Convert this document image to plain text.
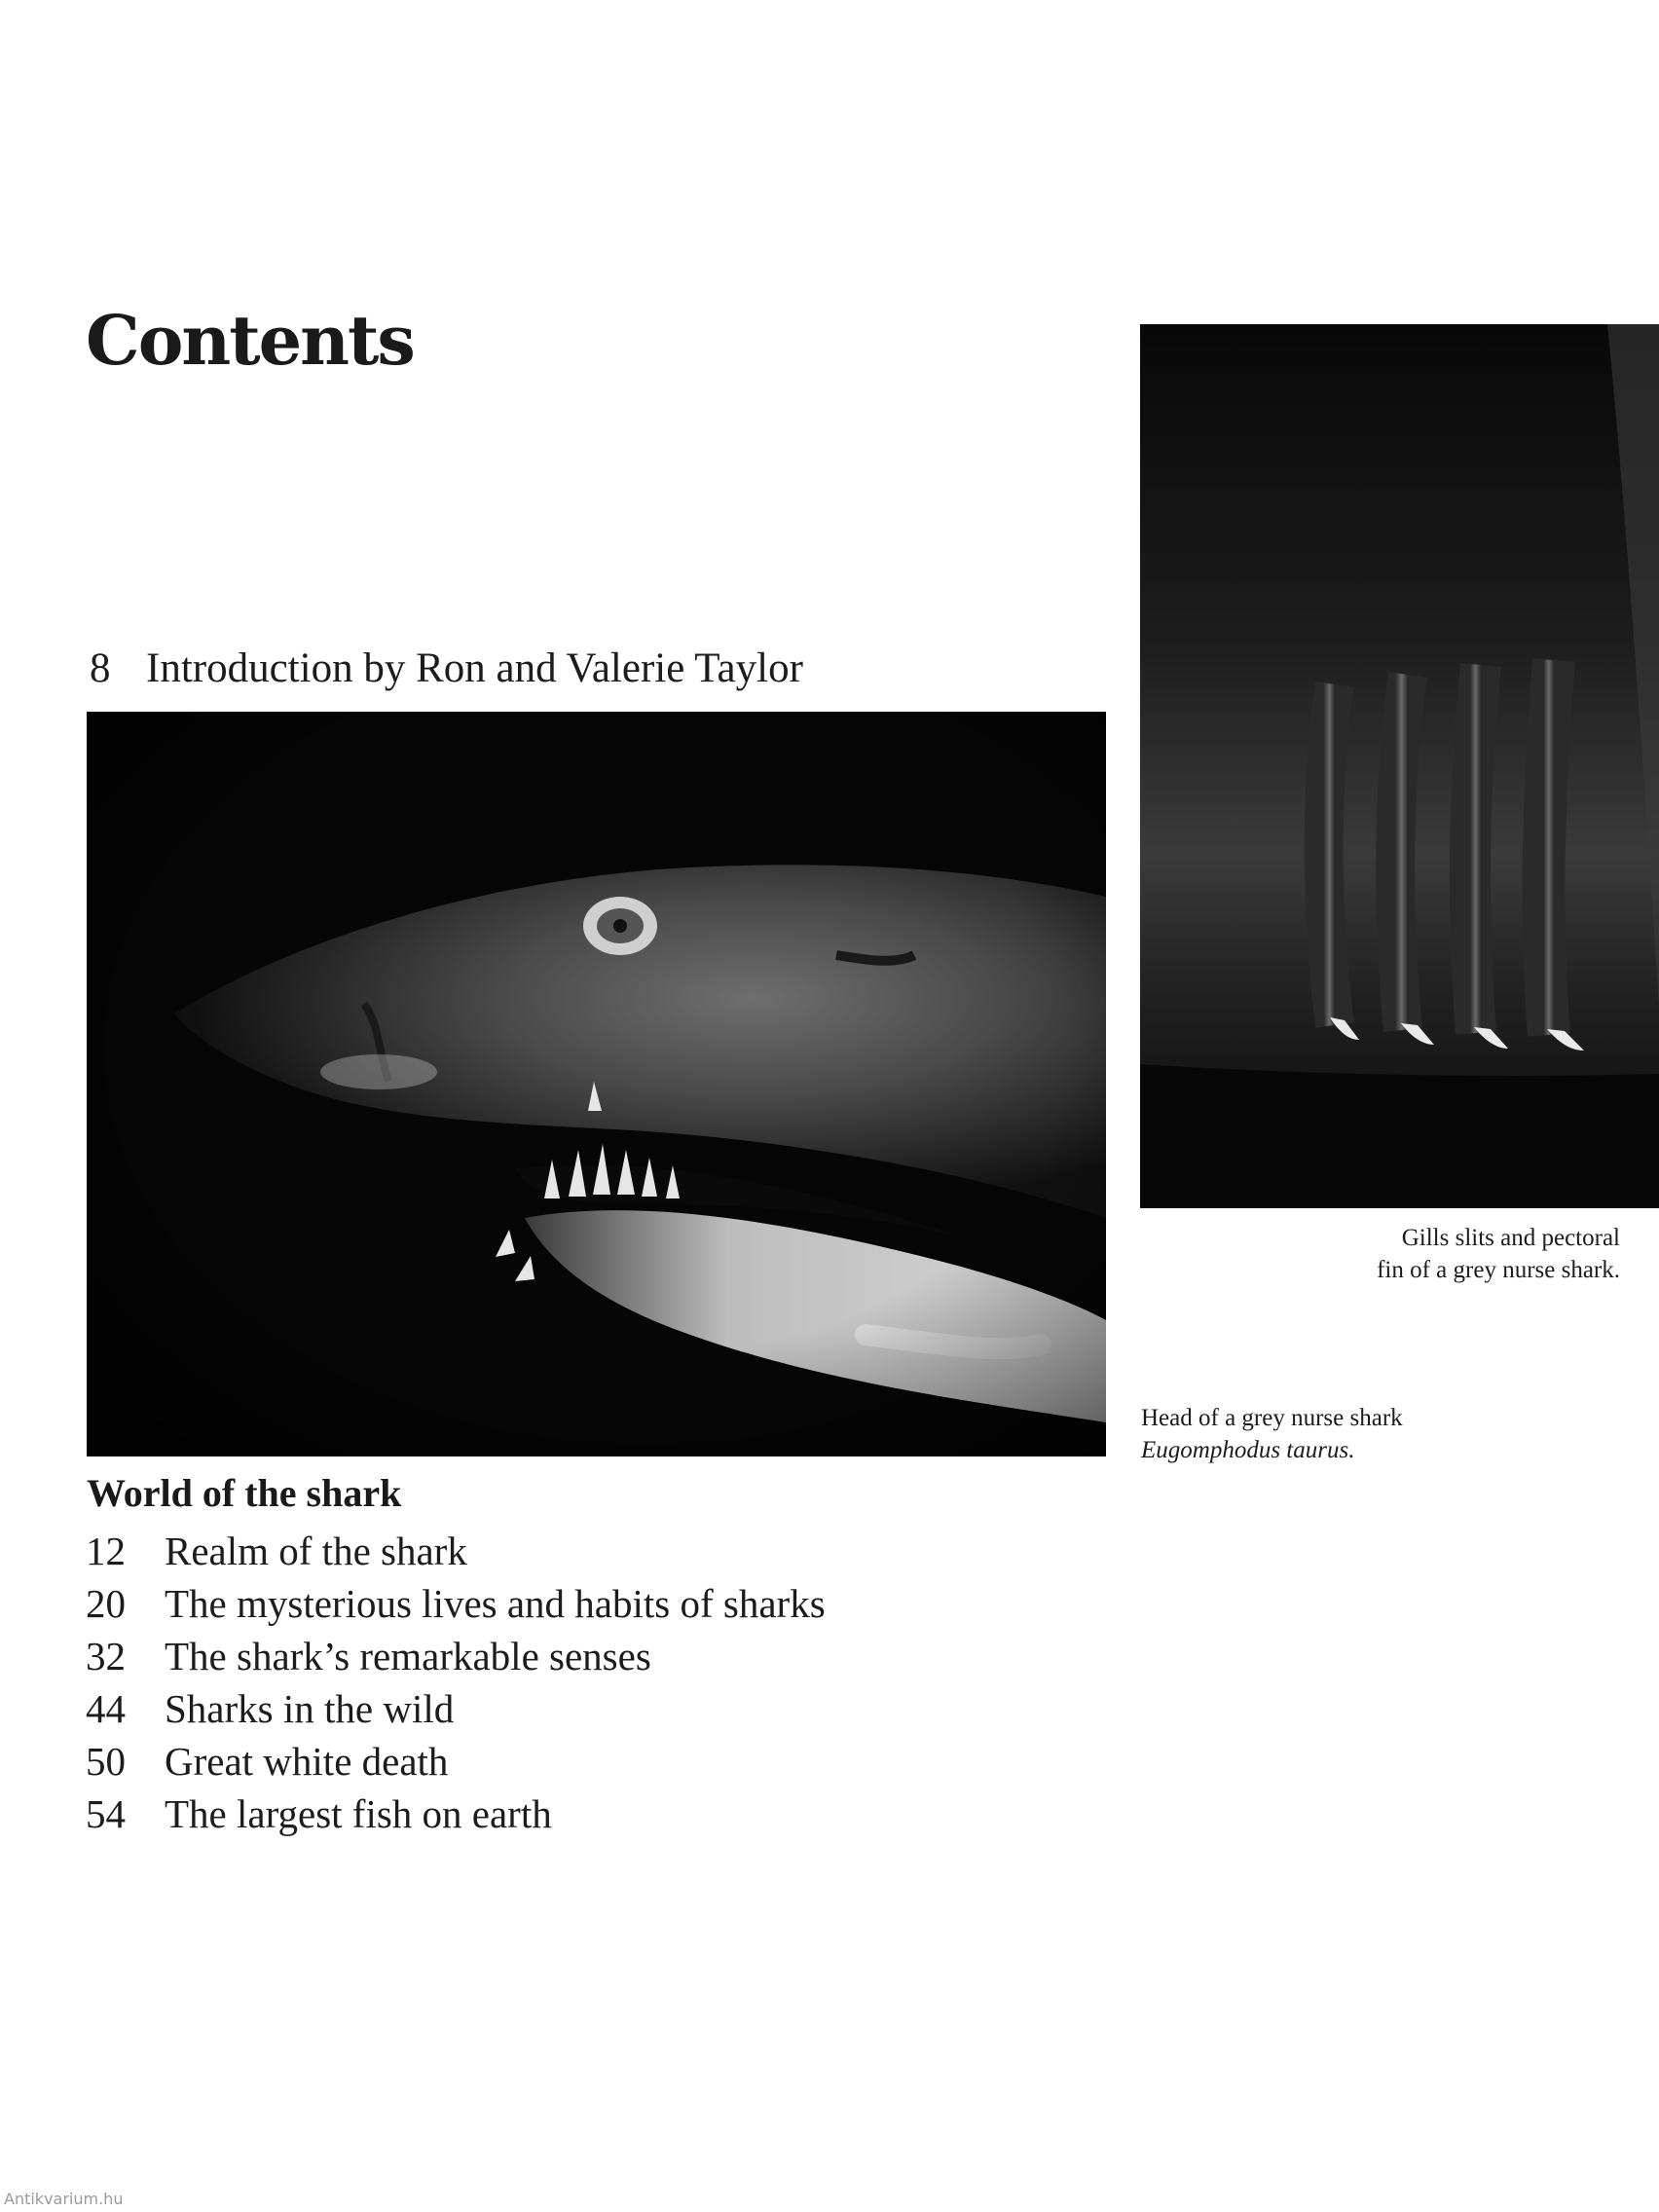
Contents
8 Introduction by Ron and Valerie Taylor
Gills slits and pectoral
fin of a grey nurse shark.
Head of a grey nurse shark
Eugomphodus taurus.
World of the shark
12 Realm of the shark
20 The mysterious lives and habits of sharks
32 The shark’s remarkable senses
44 Sharks in the wild
50 Great white death
54 The largest fish on earth
Antikvarium.hu
